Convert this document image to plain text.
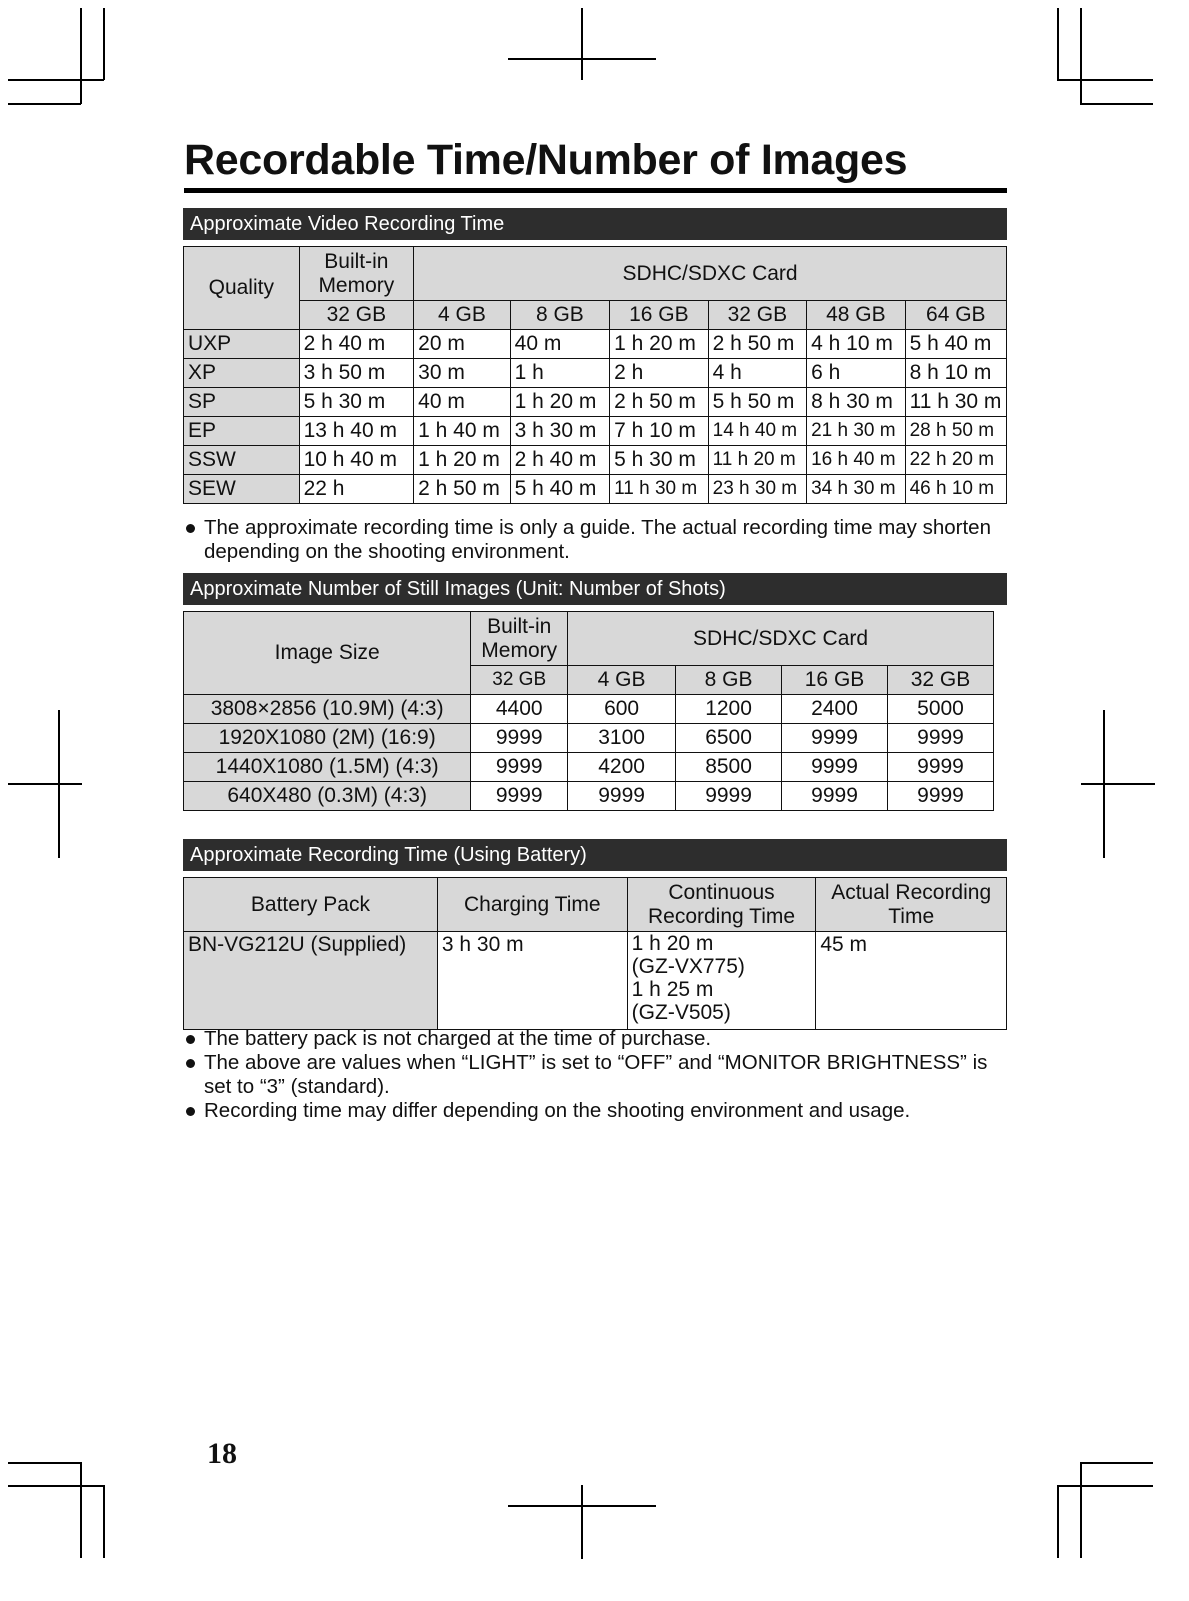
Recordable Time/Number of Images
Approximate Video Recording Time
Quality	Built-in Memory	SDHC/SDXC Card					
	32 GB	4 GB	8 GB	16 GB	32 GB	48 GB	64 GB
UXP	2 h 40 m	20 m	40 m	1 h 20 m	2 h 50 m	4 h 10 m	5 h 40 m
XP	3 h 50 m	30 m	1 h	2 h	4 h	6 h	8 h 10 m
SP	5 h 30 m	40 m	1 h 20 m	2 h 50 m	5 h 50 m	8 h 30 m	11 h 30 m
EP	13 h 40 m	1 h 40 m	3 h 30 m	7 h 10 m	14 h 40 m	21 h 30 m	28 h 50 m
SSW	10 h 40 m	1 h 20 m	2 h 40 m	5 h 30 m	11 h 20 m	16 h 40 m	22 h 20 m
SEW	22 h	2 h 50 m	5 h 40 m	11 h 30 m	23 h 30 m	34 h 30 m	46 h 10 m
The approximate recording time is only a guide. The actual recording time may shorten depending on the shooting environment.
Approximate Number of Still Images (Unit: Number of Shots)
Image Size	Built-in Memory	SDHC/SDXC Card			
	32 GB	4 GB	8 GB	16 GB	32 GB
3808×2856 (10.9M) (4:3)	4400	600	1200	2400	5000
1920X1080 (2M) (16:9)	9999	3100	6500	9999	9999
1440X1080 (1.5M) (4:3)	9999	4200	8500	9999	9999
640X480 (0.3M) (4:3)	9999	9999	9999	9999	9999
Approximate Recording Time (Using Battery)
Battery Pack	Charging Time	Continuous Recording Time	Actual Recording Time
BN-VG212U (Supplied)	3 h 30 m	1 h 20 m
(GZ-VX775)
1 h 25 m
(GZ-V505)	45 m
The battery pack is not charged at the time of purchase.
The above are values when “LIGHT” is set to “OFF” and “MONITOR BRIGHTNESS” is set to “3” (standard).
Recording time may differ depending on the shooting environment and usage.
18
